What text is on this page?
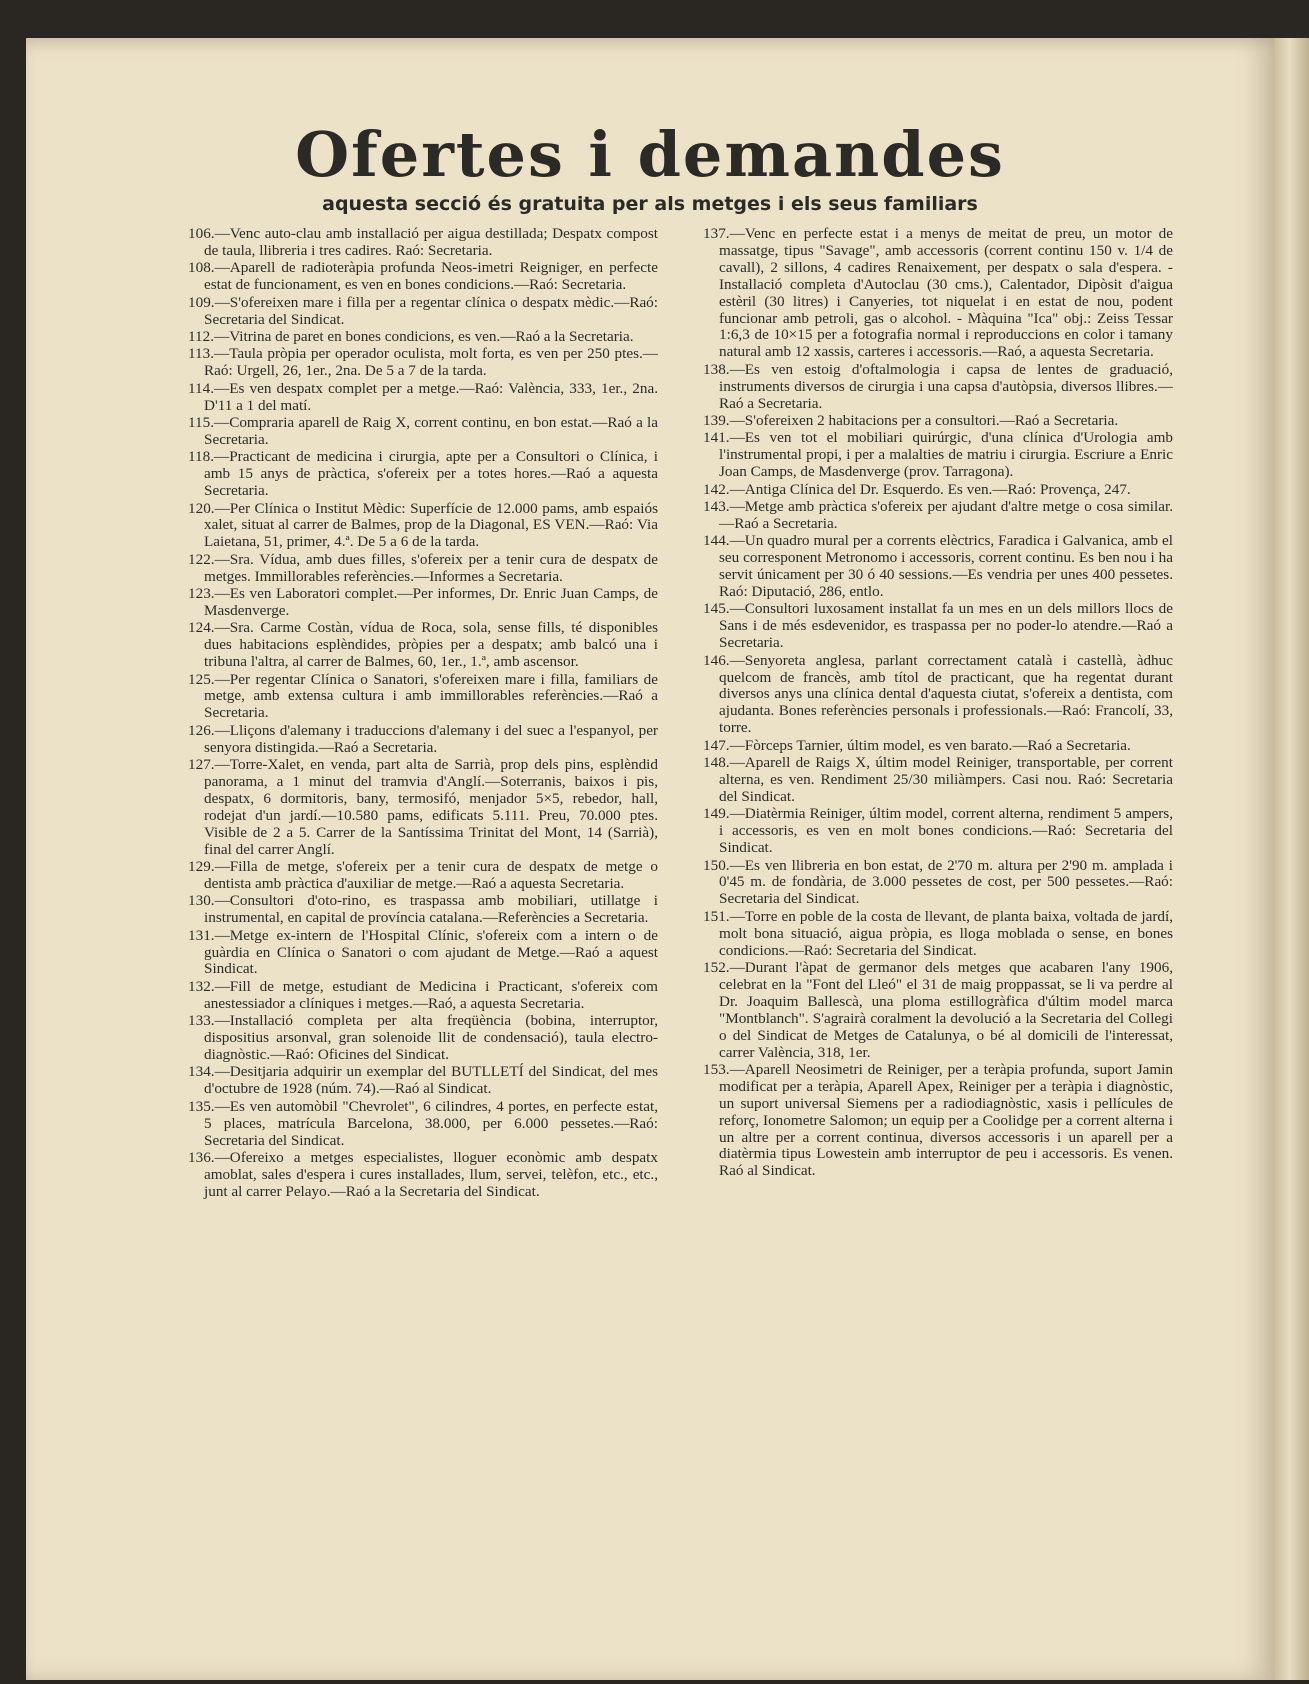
Ofertes i demandes
aquesta secció és gratuita per als metges i els seus familiars
106.—Venc auto-clau amb installació per aigua destillada; Despatx compost de taula, llibreria i tres cadires. Raó: Secretaria.
108.—Aparell de radioteràpia profunda Neos-imetri Reigniger, en perfecte estat de funcionament, es ven en bones condicions.—Raó: Secretaria.
109.—S'ofereixen mare i filla per a regentar clínica o despatx mèdic.—Raó: Secretaria del Sindicat.
112.—Vitrina de paret en bones condicions, es ven.—Raó a la Secretaria.
113.—Taula pròpia per operador oculista, molt forta, es ven per 250 ptes.—Raó: Urgell, 26, 1er., 2na. De 5 a 7 de la tarda.
114.—Es ven despatx complet per a metge.—Raó: València, 333, 1er., 2na. D'11 a 1 del matí.
115.—Compraria aparell de Raig X, corrent continu, en bon estat.—Raó a la Secretaria.
118.—Practicant de medicina i cirurgia, apte per a Consultori o Clínica, i amb 15 anys de pràctica, s'ofereix per a totes hores.—Raó a aquesta Secretaria.
120.—Per Clínica o Institut Mèdic: Superfície de 12.000 pams, amb espaiós xalet, situat al carrer de Balmes, prop de la Diagonal, ES VEN.—Raó: Via Laietana, 51, primer, 4.ª. De 5 a 6 de la tarda.
122.—Sra. Vídua, amb dues filles, s'ofereix per a tenir cura de despatx de metges. Immillorables referències.—Informes a Secretaria.
123.—Es ven Laboratori complet.—Per informes, Dr. Enric Juan Camps, de Masdenverge.
124.—Sra. Carme Costàn, vídua de Roca, sola, sense fills, té disponibles dues habitacions esplèndides, pròpies per a despatx; amb balcó una i tribuna l'altra, al carrer de Balmes, 60, 1er., 1.ª, amb ascensor.
125.—Per regentar Clínica o Sanatori, s'ofereixen mare i filla, familiars de metge, amb extensa cultura i amb immillorables referències.—Raó a Secretaria.
126.—Lliçons d'alemany i traduccions d'alemany i del suec a l'espanyol, per senyora distingida.—Raó a Secretaria.
127.—Torre-Xalet, en venda, part alta de Sarrià, prop dels pins, esplèndid panorama, a 1 minut del tramvia d'Anglí.—Soterranis, baixos i pis, despatx, 6 dormitoris, bany, termosifó, menjador 5×5, rebedor, hall, rodejat d'un jardí.—10.580 pams, edificats 5.111. Preu, 70.000 ptes. Visible de 2 a 5. Carrer de la Santíssima Trinitat del Mont, 14 (Sarrià), final del carrer Anglí.
129.—Filla de metge, s'ofereix per a tenir cura de despatx de metge o dentista amb pràctica d'auxiliar de metge.—Raó a aquesta Secretaria.
130.—Consultori d'oto-rino, es traspassa amb mobiliari, utillatge i instrumental, en capital de província catalana.—Referències a Secretaria.
131.—Metge ex-intern de l'Hospital Clínic, s'ofereix com a intern o de guàrdia en Clínica o Sanatori o com ajudant de Metge.—Raó a aquest Sindicat.
132.—Fill de metge, estudiant de Medicina i Practicant, s'ofereix com anestessiador a clíniques i metges.—Raó, a aquesta Secretaria.
133.—Installació completa per alta freqüència (bobina, interruptor, dispositius arsonval, gran solenoide llit de condensació), taula electro-diagnòstic.—Raó: Oficines del Sindicat.
134.—Desitjaria adquirir un exemplar del BUTLLETÍ del Sindicat, del mes d'octubre de 1928 (núm. 74).—Raó al Sindicat.
135.—Es ven automòbil "Chevrolet", 6 cilindres, 4 portes, en perfecte estat, 5 places, matrícula Barcelona, 38.000, per 6.000 pessetes.—Raó: Secretaria del Sindicat.
136.—Ofereixo a metges especialistes, lloguer econòmic amb despatx amoblat, sales d'espera i cures installades, llum, servei, telèfon, etc., etc., junt al carrer Pelayo.—Raó a la Secretaria del Sindicat.
137.—Venc en perfecte estat i a menys de meitat de preu, un motor de massatge, tipus "Savage", amb accessoris (corrent continu 150 v. 1/4 de cavall), 2 sillons, 4 cadires Renaixement, per despatx o sala d'espera. - Installació completa d'Autoclau (30 cms.), Calentador, Dipòsit d'aigua estèril (30 litres) i Canyeries, tot niquelat i en estat de nou, podent funcionar amb petroli, gas o alcohol. - Màquina "Ica" obj.: Zeiss Tessar 1:6,3 de 10×15 per a fotografia normal i reproduccions en color i tamany natural amb 12 xassis, carteres i accessoris.—Raó, a aquesta Secretaria.
138.—Es ven estoig d'oftalmologia i capsa de lentes de graduació, instruments diversos de cirurgia i una capsa d'autòpsia, diversos llibres.—Raó a Secretaria.
139.—S'ofereixen 2 habitacions per a consultori.—Raó a Secretaria.
141.—Es ven tot el mobiliari quirúrgic, d'una clínica d'Urologia amb l'instrumental propi, i per a malalties de matriu i cirurgia. Escriure a Enric Joan Camps, de Masdenverge (prov. Tarragona).
142.—Antiga Clínica del Dr. Esquerdo. Es ven.—Raó: Provença, 247.
143.—Metge amb pràctica s'ofereix per ajudant d'altre metge o cosa similar.—Raó a Secretaria.
144.—Un quadro mural per a corrents elèctrics, Faradica i Galvanica, amb el seu corresponent Metronomo i accessoris, corrent continu. Es ben nou i ha servit únicament per 30 ó 40 sessions.—Es vendria per unes 400 pessetes. Raó: Diputació, 286, entlo.
145.—Consultori luxosament installat fa un mes en un dels millors llocs de Sans i de més esdevenidor, es traspassa per no poder-lo atendre.—Raó a Secretaria.
146.—Senyoreta anglesa, parlant correctament català i castellà, àdhuc quelcom de francès, amb títol de practicant, que ha regentat durant diversos anys una clínica dental d'aquesta ciutat, s'ofereix a dentista, com ajudanta. Bones referències personals i professionals.—Raó: Francolí, 33, torre.
147.—Fòrceps Tarnier, últim model, es ven barato.—Raó a Secretaria.
148.—Aparell de Raigs X, últim model Reiniger, transportable, per corrent alterna, es ven. Rendiment 25/30 miliàmpers. Casi nou. Raó: Secretaria del Sindicat.
149.—Diatèrmia Reiniger, últim model, corrent alterna, rendiment 5 ampers, i accessoris, es ven en molt bones condicions.—Raó: Secretaria del Sindicat.
150.—Es ven llibreria en bon estat, de 2'70 m. altura per 2'90 m. amplada i 0'45 m. de fondària, de 3.000 pessetes de cost, per 500 pessetes.—Raó: Secretaria del Sindicat.
151.—Torre en poble de la costa de llevant, de planta baixa, voltada de jardí, molt bona situació, aigua pròpia, es lloga moblada o sense, en bones condicions.—Raó: Secretaria del Sindicat.
152.—Durant l'àpat de germanor dels metges que acabaren l'any 1906, celebrat en la "Font del Lleó" el 31 de maig proppassat, se li va perdre al Dr. Joaquim Ballescà, una ploma estillogràfica d'últim model marca "Montblanch". S'agrairà coralment la devolució a la Secretaria del Collegi o del Sindicat de Metges de Catalunya, o bé al domicili de l'interessat, carrer València, 318, 1er.
153.—Aparell Neosimetri de Reiniger, per a teràpia profunda, suport Jamin modificat per a teràpia, Aparell Apex, Reiniger per a teràpia i diagnòstic, un suport universal Siemens per a radiodiagnòstic, xasis i pellícules de reforç, Ionometre Salomon; un equip per a Coolidge per a corrent alterna i un altre per a corrent continua, diversos accessoris i un aparell per a diatèrmia tipus Lowestein amb interruptor de peu i accessoris. Es venen. Raó al Sindicat.
